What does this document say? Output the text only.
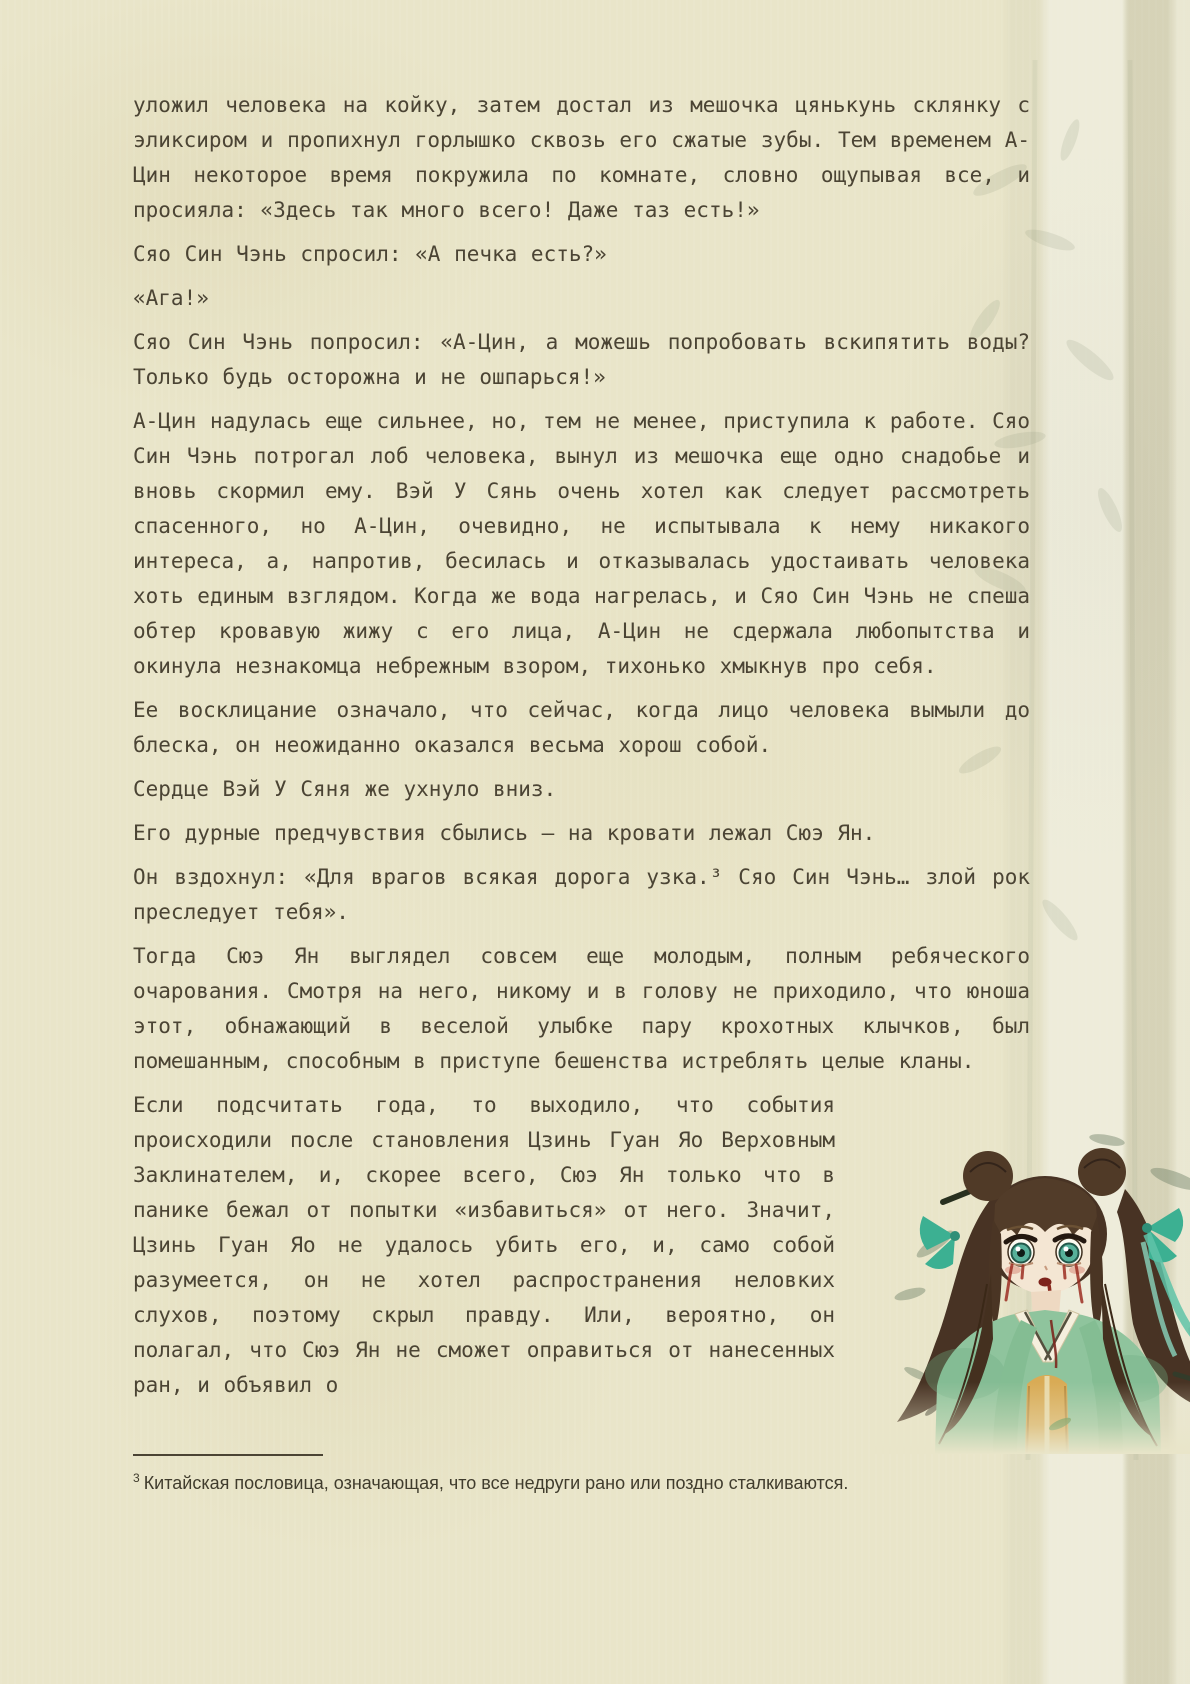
уложил человека на койку, затем достал из мешочка цянькунь склянку с эликсиром и пропихнул горлышко сквозь его сжатые зубы. Тем временем А-Цин некоторое время покружила по комнате, словно ощупывая все, и просияла: «Здесь так много всего! Даже таз есть!»

Сяо Син Чэнь спросил: «А печка есть?»

«Ага!»

Сяо Син Чэнь попросил: «А-Цин, а можешь попробовать вскипятить воды? Только будь осторожна и не ошпарься!»

А-Цин надулась еще сильнее, но, тем не менее, приступила к работе. Сяо Син Чэнь потрогал лоб человека, вынул из мешочка еще одно снадобье и вновь скормил ему. Вэй У Сянь очень хотел как следует рассмотреть спасенного, но А-Цин, очевидно, не испытывала к нему никакого интереса, а, напротив, бесилась и отказывалась удостаивать человека хоть единым взглядом. Когда же вода нагрелась, и Сяо Син Чэнь не спеша обтер кровавую жижу с его лица, А-Цин не сдержала любопытства и окинула незнакомца небрежным взором, тихонько хмыкнув про себя.

Ее восклицание означало, что сейчас, когда лицо человека вымыли до блеска, он неожиданно оказался весьма хорош собой.

Сердце Вэй У Сяня же ухнуло вниз.

Его дурные предчувствия сбылись – на кровати лежал Сюэ Ян.

Он вздохнул: «Для врагов всякая дорога узка.³ Сяо Син Чэнь… злой рок преследует тебя».

Тогда Сюэ Ян выглядел совсем еще молодым, полным ребяческого очарования. Смотря на него, никому и в голову не приходило, что юноша этот, обнажающий в веселой улыбке пару крохотных клычков, был помешанным, способным в приступе бешенства истреблять целые кланы.

Если подсчитать года, то выходило, что события происходили после становления Цзинь Гуан Яо Верховным Заклинателем, и, скорее всего, Сюэ Ян только что в панике бежал от попытки «избавиться» от него. Значит, Цзинь Гуан Яо не удалось убить его, и, само собой разумеется, он не хотел распространения неловких слухов, поэтому скрыл правду. Или, вероятно, он полагал, что Сюэ Ян не сможет оправиться от нанесенных ран, и объявил о

$^3$ Китайская пословица, означающая, что все недруги рано или поздно сталкиваются.
